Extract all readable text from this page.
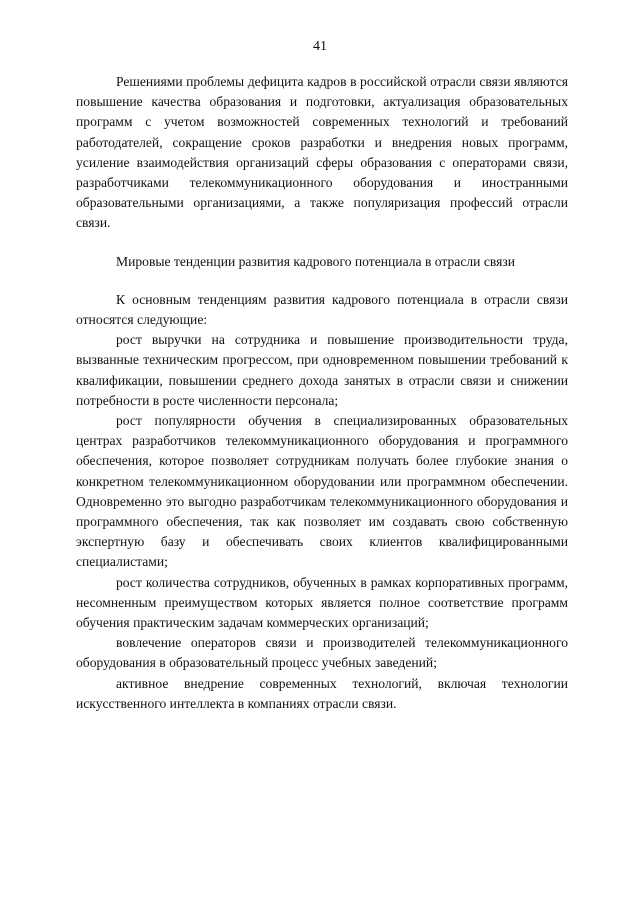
41

Решениями проблемы дефицита кадров в российской отрасли связи являются повышение качества образования и подготовки, актуализация образовательных программ с учетом возможностей современных технологий и требований работодателей, сокращение сроков разработки и внедрения новых программ, усиление взаимодействия организаций сферы образования с операторами связи, разработчиками телекоммуникационного оборудования и иностранными образовательными организациями, а также популяризация профессий отрасли связи.

Мировые тенденции развития кадрового потенциала в отрасли связи

К основным тенденциям развития кадрового потенциала в отрасли связи относятся следующие:

рост выручки на сотрудника и повышение производительности труда, вызванные техническим прогрессом, при одновременном повышении требований к квалификации, повышении среднего дохода занятых в отрасли связи и снижении потребности в росте численности персонала;

рост популярности обучения в специализированных образовательных центрах разработчиков телекоммуникационного оборудования и программного обеспечения, которое позволяет сотрудникам получать более глубокие знания о конкретном телекоммуникационном оборудовании или программном обеспечении. Одновременно это выгодно разработчикам телекоммуникационного оборудования и программного обеспечения, так как позволяет им создавать свою собственную экспертную базу и обеспечивать своих клиентов квалифицированными специалистами;

рост количества сотрудников, обученных в рамках корпоративных программ, несомненным преимуществом которых является полное соответствие программ обучения практическим задачам коммерческих организаций;

вовлечение операторов связи и производителей телекоммуникационного оборудования в образовательный процесс учебных заведений;

активное внедрение современных технологий, включая технологии искусственного интеллекта в компаниях отрасли связи.
